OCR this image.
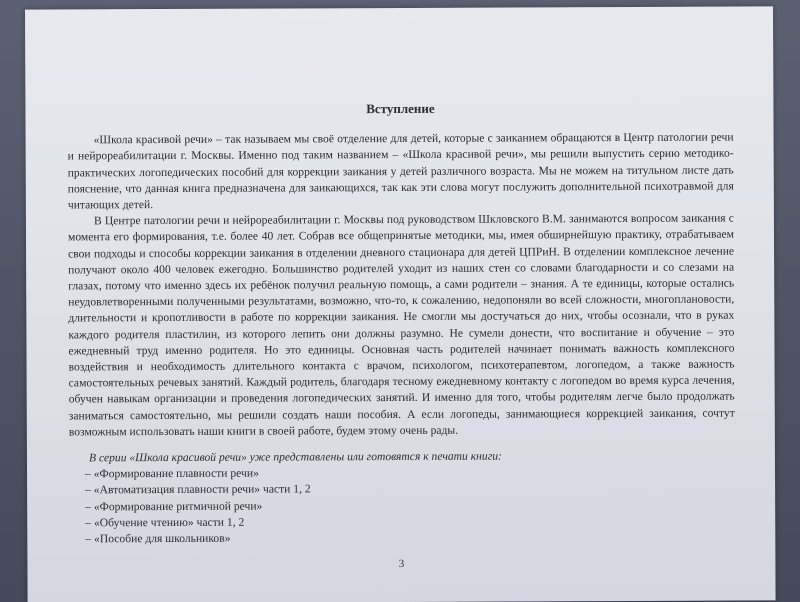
Вступление

«Школа красивой речи» – так называем мы своё отделение для детей, которые с заиканием обращаются в Центр патологии речи и нейрореабилитации г. Москвы. Именно под таким названием – «Школа красивой речи», мы решили выпустить серию методико-практических логопедических пособий для коррекции заикания у детей различного возраста. Мы не можем на титульном листе дать пояснение, что данная книга предназначена для заикающихся, так как эти слова могут послужить дополнительной психотравмой для читающих детей.

В Центре патологии речи и нейрореабилитации г. Москвы под руководством Шкловского В.М. занимаются вопросом заикания с момента его формирования, т.е. более 40 лет. Собрав все общепринятые методики, мы, имея обширнейшую практику, отрабатываем свои подходы и способы коррекции заикания в отделении дневного стационара для детей ЦПРиН. В отделении комплексное лечение получают около 400 человек ежегодно. Большинство родителей уходит из наших стен со словами благодарности и со слезами на глазах, потому что именно здесь их ребёнок получил реальную помощь, а сами родители – знания. А те единицы, которые остались неудовлетворенными полученными результатами, возможно, что-то, к сожалению, недопоняли во всей сложности, многоплановости, длительности и кропотливости в работе по коррекции заикания. Не смогли мы достучаться до них, чтобы осознали, что в руках каждого родителя пластилин, из которого лепить они должны разумно. Не сумели донести, что воспитание и обучение – это ежедневный труд именно родителя. Но это единицы. Основная часть родителей начинает понимать важность комплексного воздействия и необходимость длительного контакта с врачом, психологом, психотерапевтом, логопедом, а также важность самостоятельных речевых занятий. Каждый родитель, благодаря тесному ежедневному контакту с логопедом во время курса лечения, обучен навыкам организации и проведения логопедических занятий. И именно для того, чтобы родителям легче было продолжать заниматься самостоятельно, мы решили создать наши пособия. А если логопеды, занимающиеся коррекцией заикания, сочтут возможным использовать наши книги в своей работе, будем этому очень рады.

В серии «Школа красивой речи» уже представлены или готовятся к печати книги:

– «Формирование плавности речи»
– «Автоматизация плавности речи» части 1, 2
– «Формирование ритмичной речи»
– «Обучение чтению» части 1, 2
– «Пособие для школьников»
3
